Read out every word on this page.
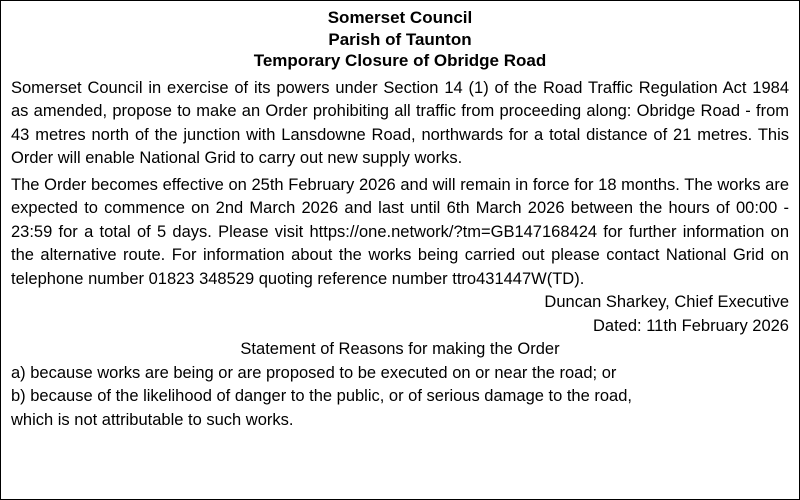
Somerset Council
Parish of Taunton
Temporary Closure of Obridge Road
Somerset Council in exercise of its powers under Section 14 (1) of the Road Traffic Regulation Act 1984 as amended, propose to make an Order prohibiting all traffic from proceeding along: Obridge Road - from 43 metres north of the junction with Lansdowne Road, northwards for a total distance of 21 metres. This Order will enable National Grid to carry out new supply works.
The Order becomes effective on 25th February 2026 and will remain in force for 18 months. The works are expected to commence on 2nd March 2026 and last until 6th March 2026 between the hours of 00:00 - 23:59 for a total of 5 days. Please visit https://one.network/?tm=GB147168424 for further information on the alternative route. For information about the works being carried out please contact National Grid on telephone number 01823 348529 quoting reference number ttro431447W(TD).
Duncan Sharkey, Chief Executive
Dated: 11th February 2026
Statement of Reasons for making the Order
a) because works are being or are proposed to be executed on or near the road; or
b) because of the likelihood of danger to the public, or of serious damage to the road,
which is not attributable to such works.
